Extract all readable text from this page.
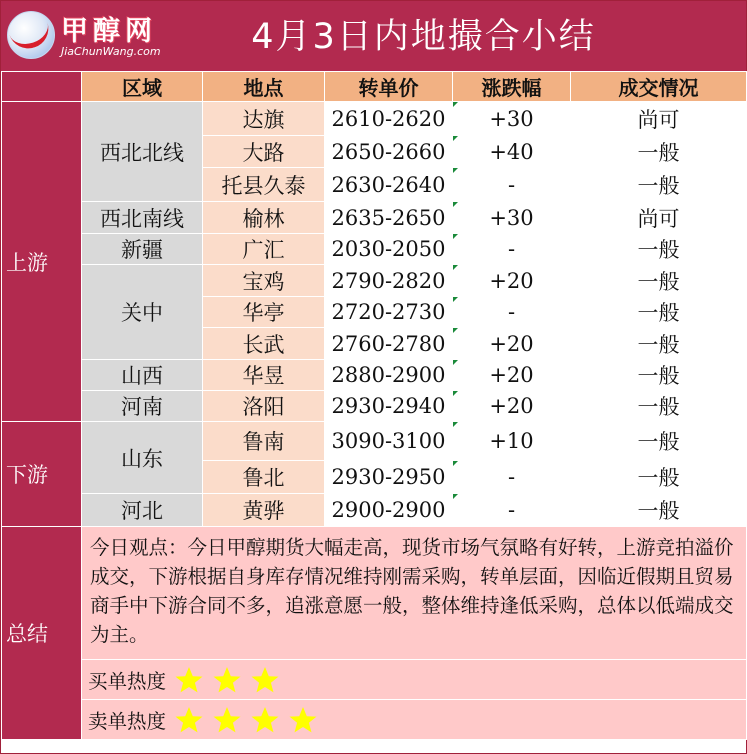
甲醇网
JiaChunWang.com	4月3日内地撮合小结
	区域	地点	转单价	涨跌幅	成交情况
上游	西北北线	达旗	2610-2620	+30	尚可
		大路	2650-2660	+40	一般
		托县久泰	2630-2640	-	一般
	西北南线	榆林	2635-2650	+30	尚可
	新疆	广汇	2030-2050	-	一般
	关中	宝鸡	2790-2820	+20	一般
		华亭	2720-2730	-	一般
		长武	2760-2780	+20	一般
	山西	华昱	2880-2900	+20	一般
	河南	洛阳	2930-2940	+20	一般
下游	山东	鲁南	3090-3100	+10	一般
		鲁北	2930-2950	-	一般
	河北	黄骅	2900-2900	-	一般
总结	今日观点：今日甲醇期货大幅走高，现货市场气氛略有好转，上游竞拍溢价成交，下游根据自身库存情况维持刚需采购，转单层面，因临近假期且贸易商手中下游合同不多，追涨意愿一般，整体维持逢低采购，总体以低端成交为主。				
	买单热度				

	卖单热度				
